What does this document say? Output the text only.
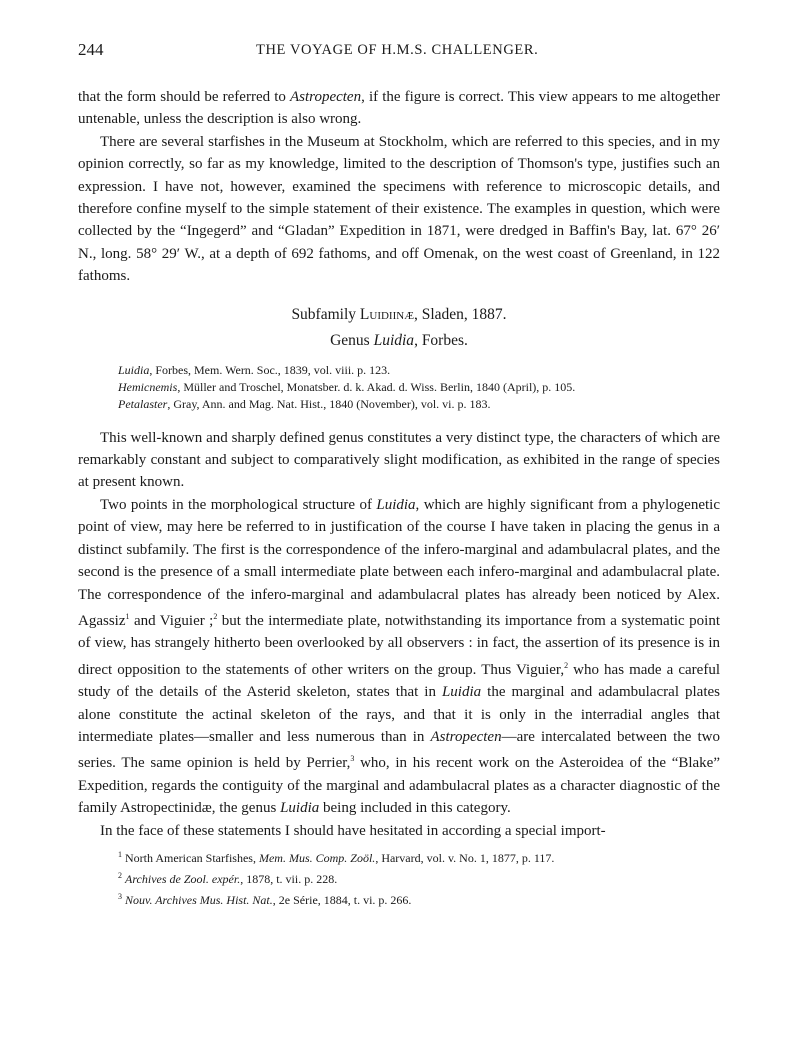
244	THE VOYAGE OF H.M.S. CHALLENGER.

that the form should be referred to Astropecten, if the figure is correct. This view appears to me altogether untenable, unless the description is also wrong.

There are several starfishes in the Museum at Stockholm, which are referred to this species, and in my opinion correctly, so far as my knowledge, limited to the description of Thomson's type, justifies such an expression. I have not, however, examined the specimens with reference to microscopic details, and therefore confine myself to the simple statement of their existence. The examples in question, which were collected by the “Ingegerd” and “Gladan” Expedition in 1871, were dredged in Baffin's Bay, lat. 67° 26′ N., long. 58° 29′ W., at a depth of 692 fathoms, and off Omenak, on the west coast of Greenland, in 122 fathoms.

Subfamily Luidiinæ, Sladen, 1887.
Genus Luidia, Forbes.
Luidia, Forbes, Mem. Wern. Soc., 1839, vol. viii. p. 123.
Hemicnemis, Müller and Troschel, Monatsber. d. k. Akad. d. Wiss. Berlin, 1840 (April), p. 105.
Petalaster, Gray, Ann. and Mag. Nat. Hist., 1840 (November), vol. vi. p. 183.

This well-known and sharply defined genus constitutes a very distinct type, the characters of which are remarkably constant and subject to comparatively slight modification, as exhibited in the range of species at present known.

Two points in the morphological structure of Luidia, which are highly significant from a phylogenetic point of view, may here be referred to in justification of the course I have taken in placing the genus in a distinct subfamily. The first is the correspondence of the infero-marginal and adambulacral plates, and the second is the presence of a small intermediate plate between each infero-marginal and adambulacral plate. The correspondence of the infero-marginal and adambulacral plates has already been noticed by Alex. Agassiz$^1$ and Viguier ;$^2$ but the intermediate plate, notwithstanding its importance from a systematic point of view, has strangely hitherto been overlooked by all observers : in fact, the assertion of its presence is in direct opposition to the statements of other writers on the group. Thus Viguier,$^2$ who has made a careful study of the details of the Asterid skeleton, states that in Luidia the marginal and adambulacral plates alone constitute the actinal skeleton of the rays, and that it is only in the interradial angles that intermediate plates—smaller and less numerous than in Astropecten—are intercalated between the two series. The same opinion is held by Perrier,$^3$ who, in his recent work on the Asteroidea of the “Blake” Expedition, regards the contiguity of the marginal and adambulacral plates as a character diagnostic of the family Astropectinidæ, the genus Luidia being included in this category.

In the face of these statements I should have hesitated in according a special import-

$^1$ North American Starfishes, Mem. Mus. Comp. Zoöl., Harvard, vol. v. No. 1, 1877, p. 117.
$^2$ Archives de Zool. expér., 1878, t. vii. p. 228.
$^3$ Nouv. Archives Mus. Hist. Nat., 2e Série, 1884, t. vi. p. 266.
